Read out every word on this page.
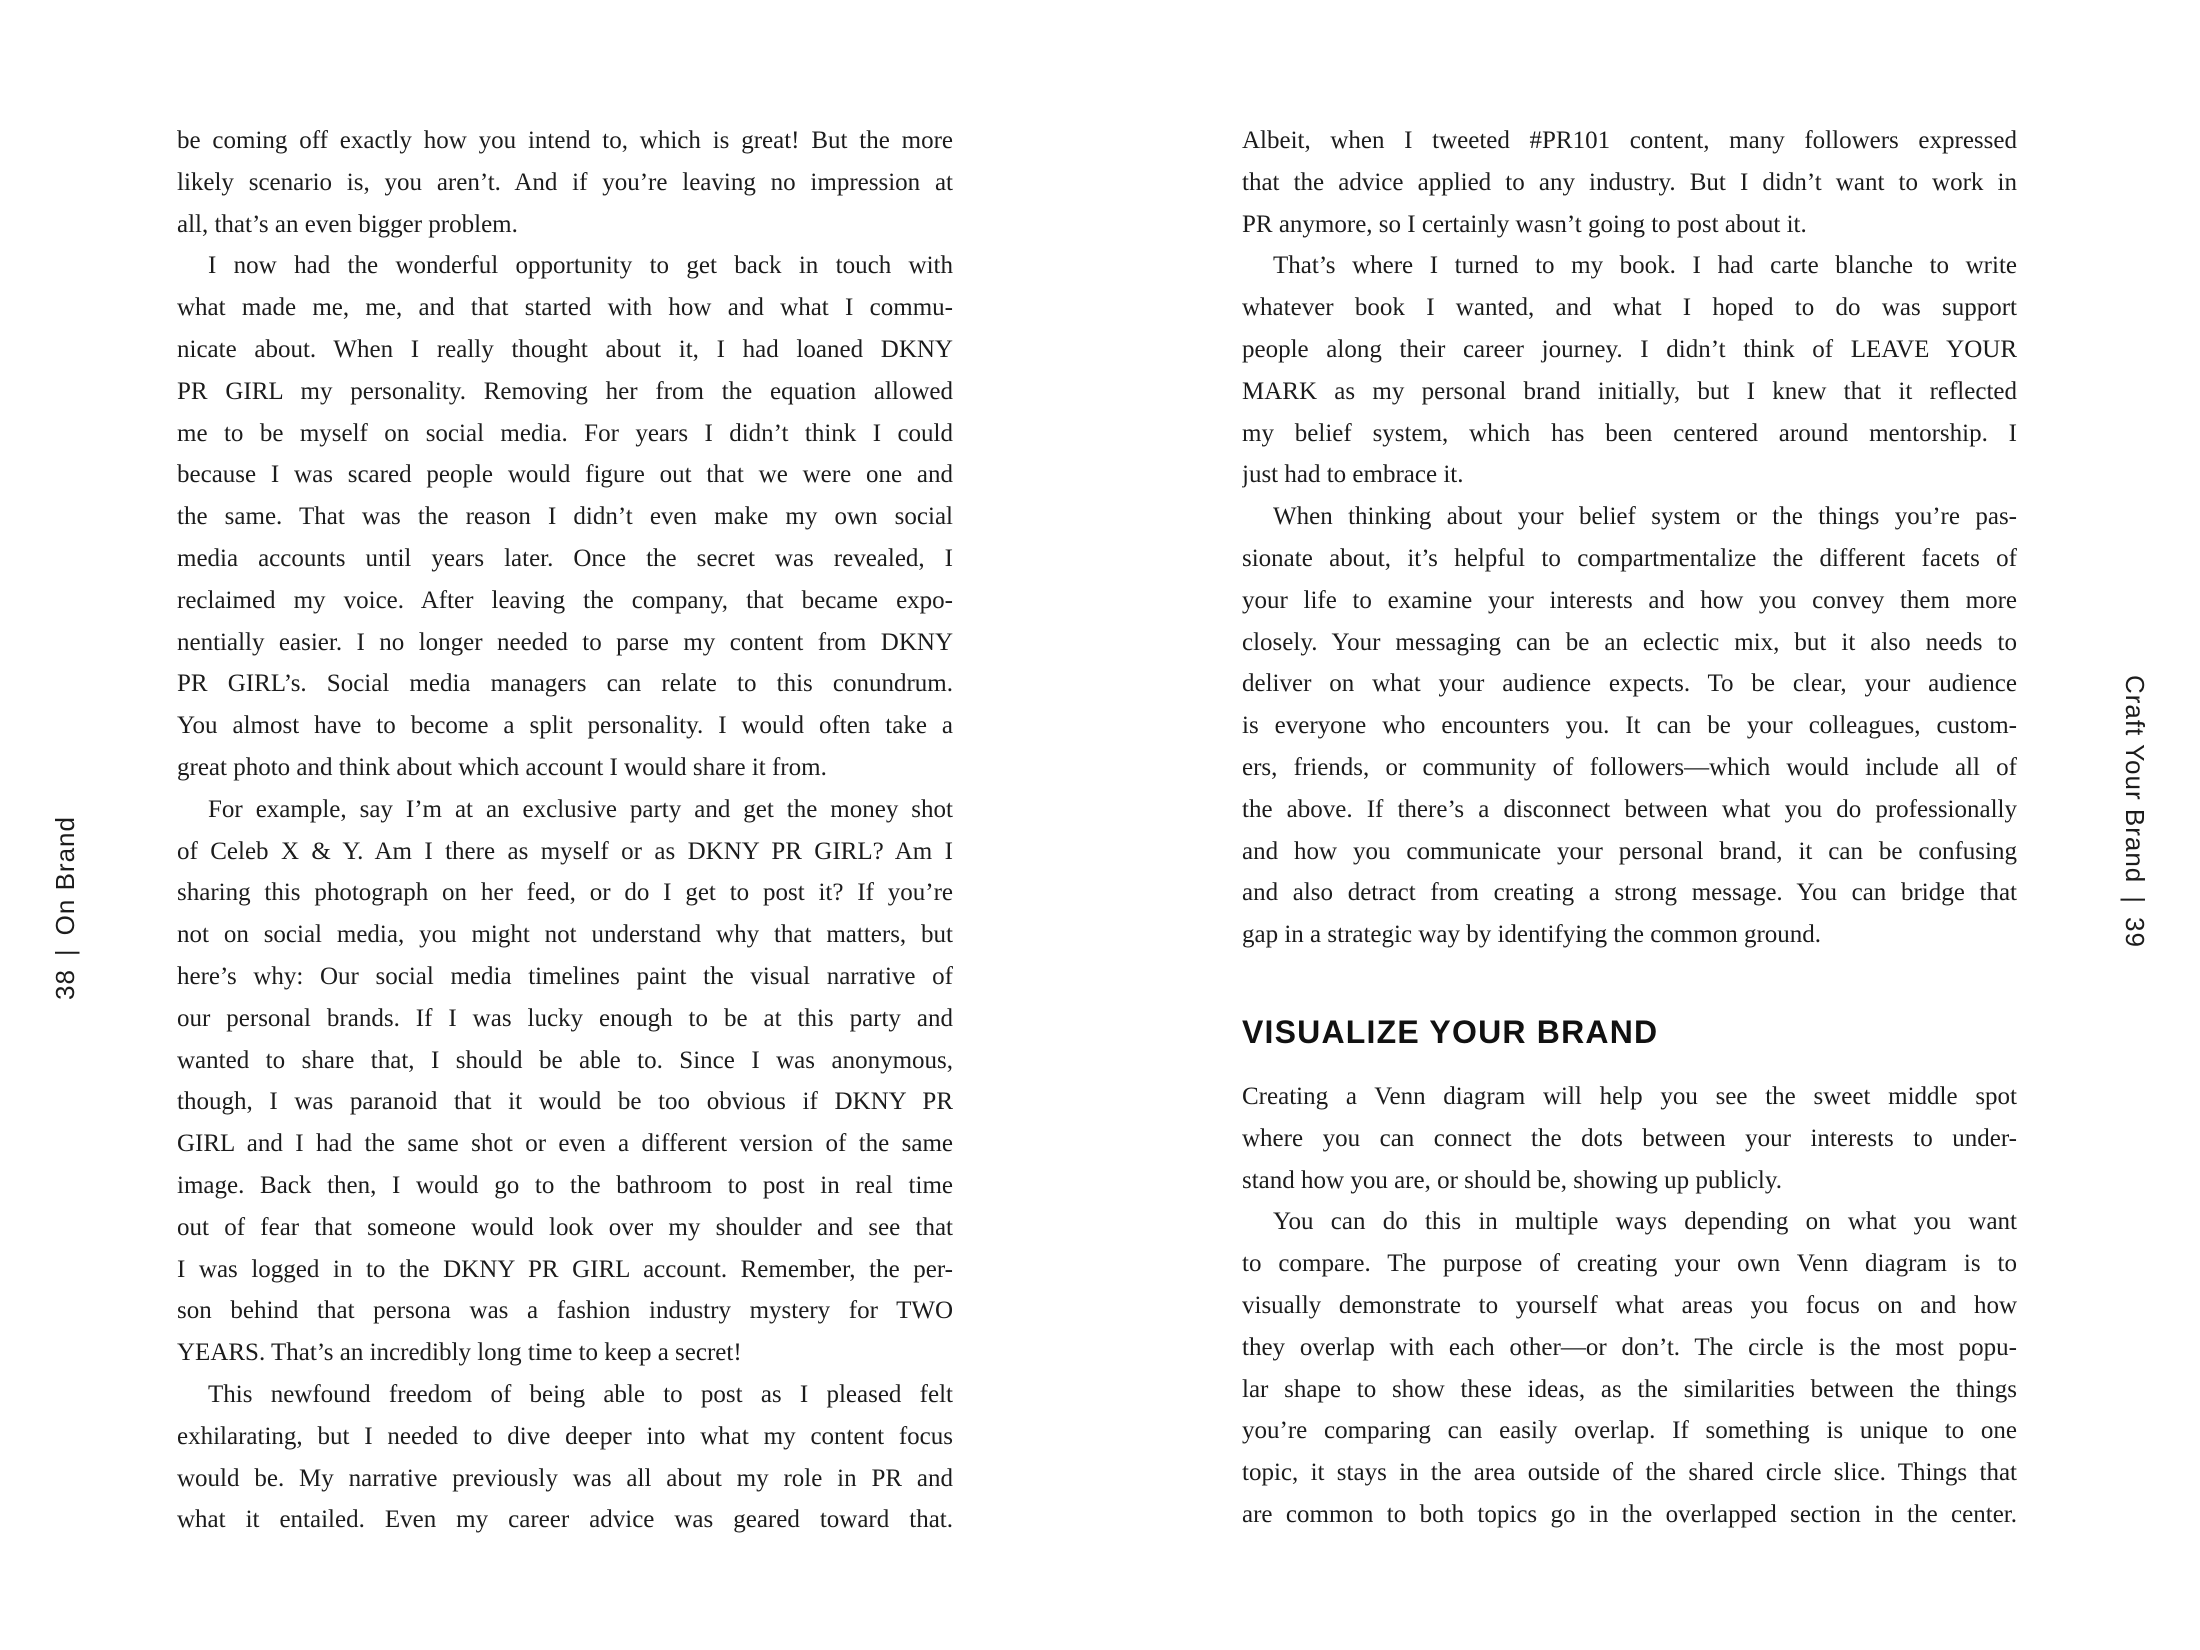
38|On Brand
be coming off exactly how you intend to, which is great! But the more
likely scenario is, you aren’t. And if you’re leaving no impression at
all, that’s an even bigger problem.
I now had the wonderful opportunity to get back in touch with
what made me, me, and that started with how and what I commu-
nicate about. When I really thought about it, I had loaned DKNY
PR GIRL my personality. Removing her from the equation allowed
me to be myself on social media. For years I didn’t think I could
because I was scared people would figure out that we were one and
the same. That was the reason I didn’t even make my own social
media accounts until years later. Once the secret was revealed, I
reclaimed my voice. After leaving the company, that became expo-
nentially easier. I no longer needed to parse my content from DKNY
PR GIRL’s. Social media managers can relate to this conundrum.
You almost have to become a split personality. I would often take a
great photo and think about which account I would share it from.
For example, say I’m at an exclusive party and get the money shot
of Celeb X & Y. Am I there as myself or as DKNY PR GIRL? Am I
sharing this photograph on her feed, or do I get to post it? If you’re
not on social media, you might not understand why that matters, but
here’s why: Our social media timelines paint the visual narrative of
our personal brands. If I was lucky enough to be at this party and
wanted to share that, I should be able to. Since I was anonymous,
though, I was paranoid that it would be too obvious if DKNY PR
GIRL and I had the same shot or even a different version of the same
image. Back then, I would go to the bathroom to post in real time
out of fear that someone would look over my shoulder and see that
I was logged in to the DKNY PR GIRL account. Remember, the per-
son behind that persona was a fashion industry mystery for TWO
YEARS. That’s an incredibly long time to keep a secret!
This newfound freedom of being able to post as I pleased felt
exhilarating, but I needed to dive deeper into what my content focus
would be. My narrative previously was all about my role in PR and
what it entailed. Even my career advice was geared toward that.
Craft Your Brand|39
Albeit, when I tweeted #PR101 content, many followers expressed
that the advice applied to any industry. But I didn’t want to work in
PR anymore, so I certainly wasn’t going to post about it.
That’s where I turned to my book. I had carte blanche to write
whatever book I wanted, and what I hoped to do was support
people along their career journey. I didn’t think of LEAVE YOUR
MARK as my personal brand initially, but I knew that it reflected
my belief system, which has been centered around mentorship. I
just had to embrace it.
When thinking about your belief system or the things you’re pas-
sionate about, it’s helpful to compartmentalize the different facets of
your life to examine your interests and how you convey them more
closely. Your messaging can be an eclectic mix, but it also needs to
deliver on what your audience expects. To be clear, your audience
is everyone who encounters you. It can be your colleagues, custom-
ers, friends, or community of followers—which would include all of
the above. If there’s a disconnect between what you do professionally
and how you communicate your personal brand, it can be confusing
and also detract from creating a strong message. You can bridge that
gap in a strategic way by identifying the common ground.
VISUALIZE YOUR BRAND
Creating a Venn diagram will help you see the sweet middle spot
where you can connect the dots between your interests to under-
stand how you are, or should be, showing up publicly.
You can do this in multiple ways depending on what you want
to compare. The purpose of creating your own Venn diagram is to
visually demonstrate to yourself what areas you focus on and how
they overlap with each other—or don’t. The circle is the most popu-
lar shape to show these ideas, as the similarities between the things
you’re comparing can easily overlap. If something is unique to one
topic, it stays in the area outside of the shared circle slice. Things that
are common to both topics go in the overlapped section in the center.
